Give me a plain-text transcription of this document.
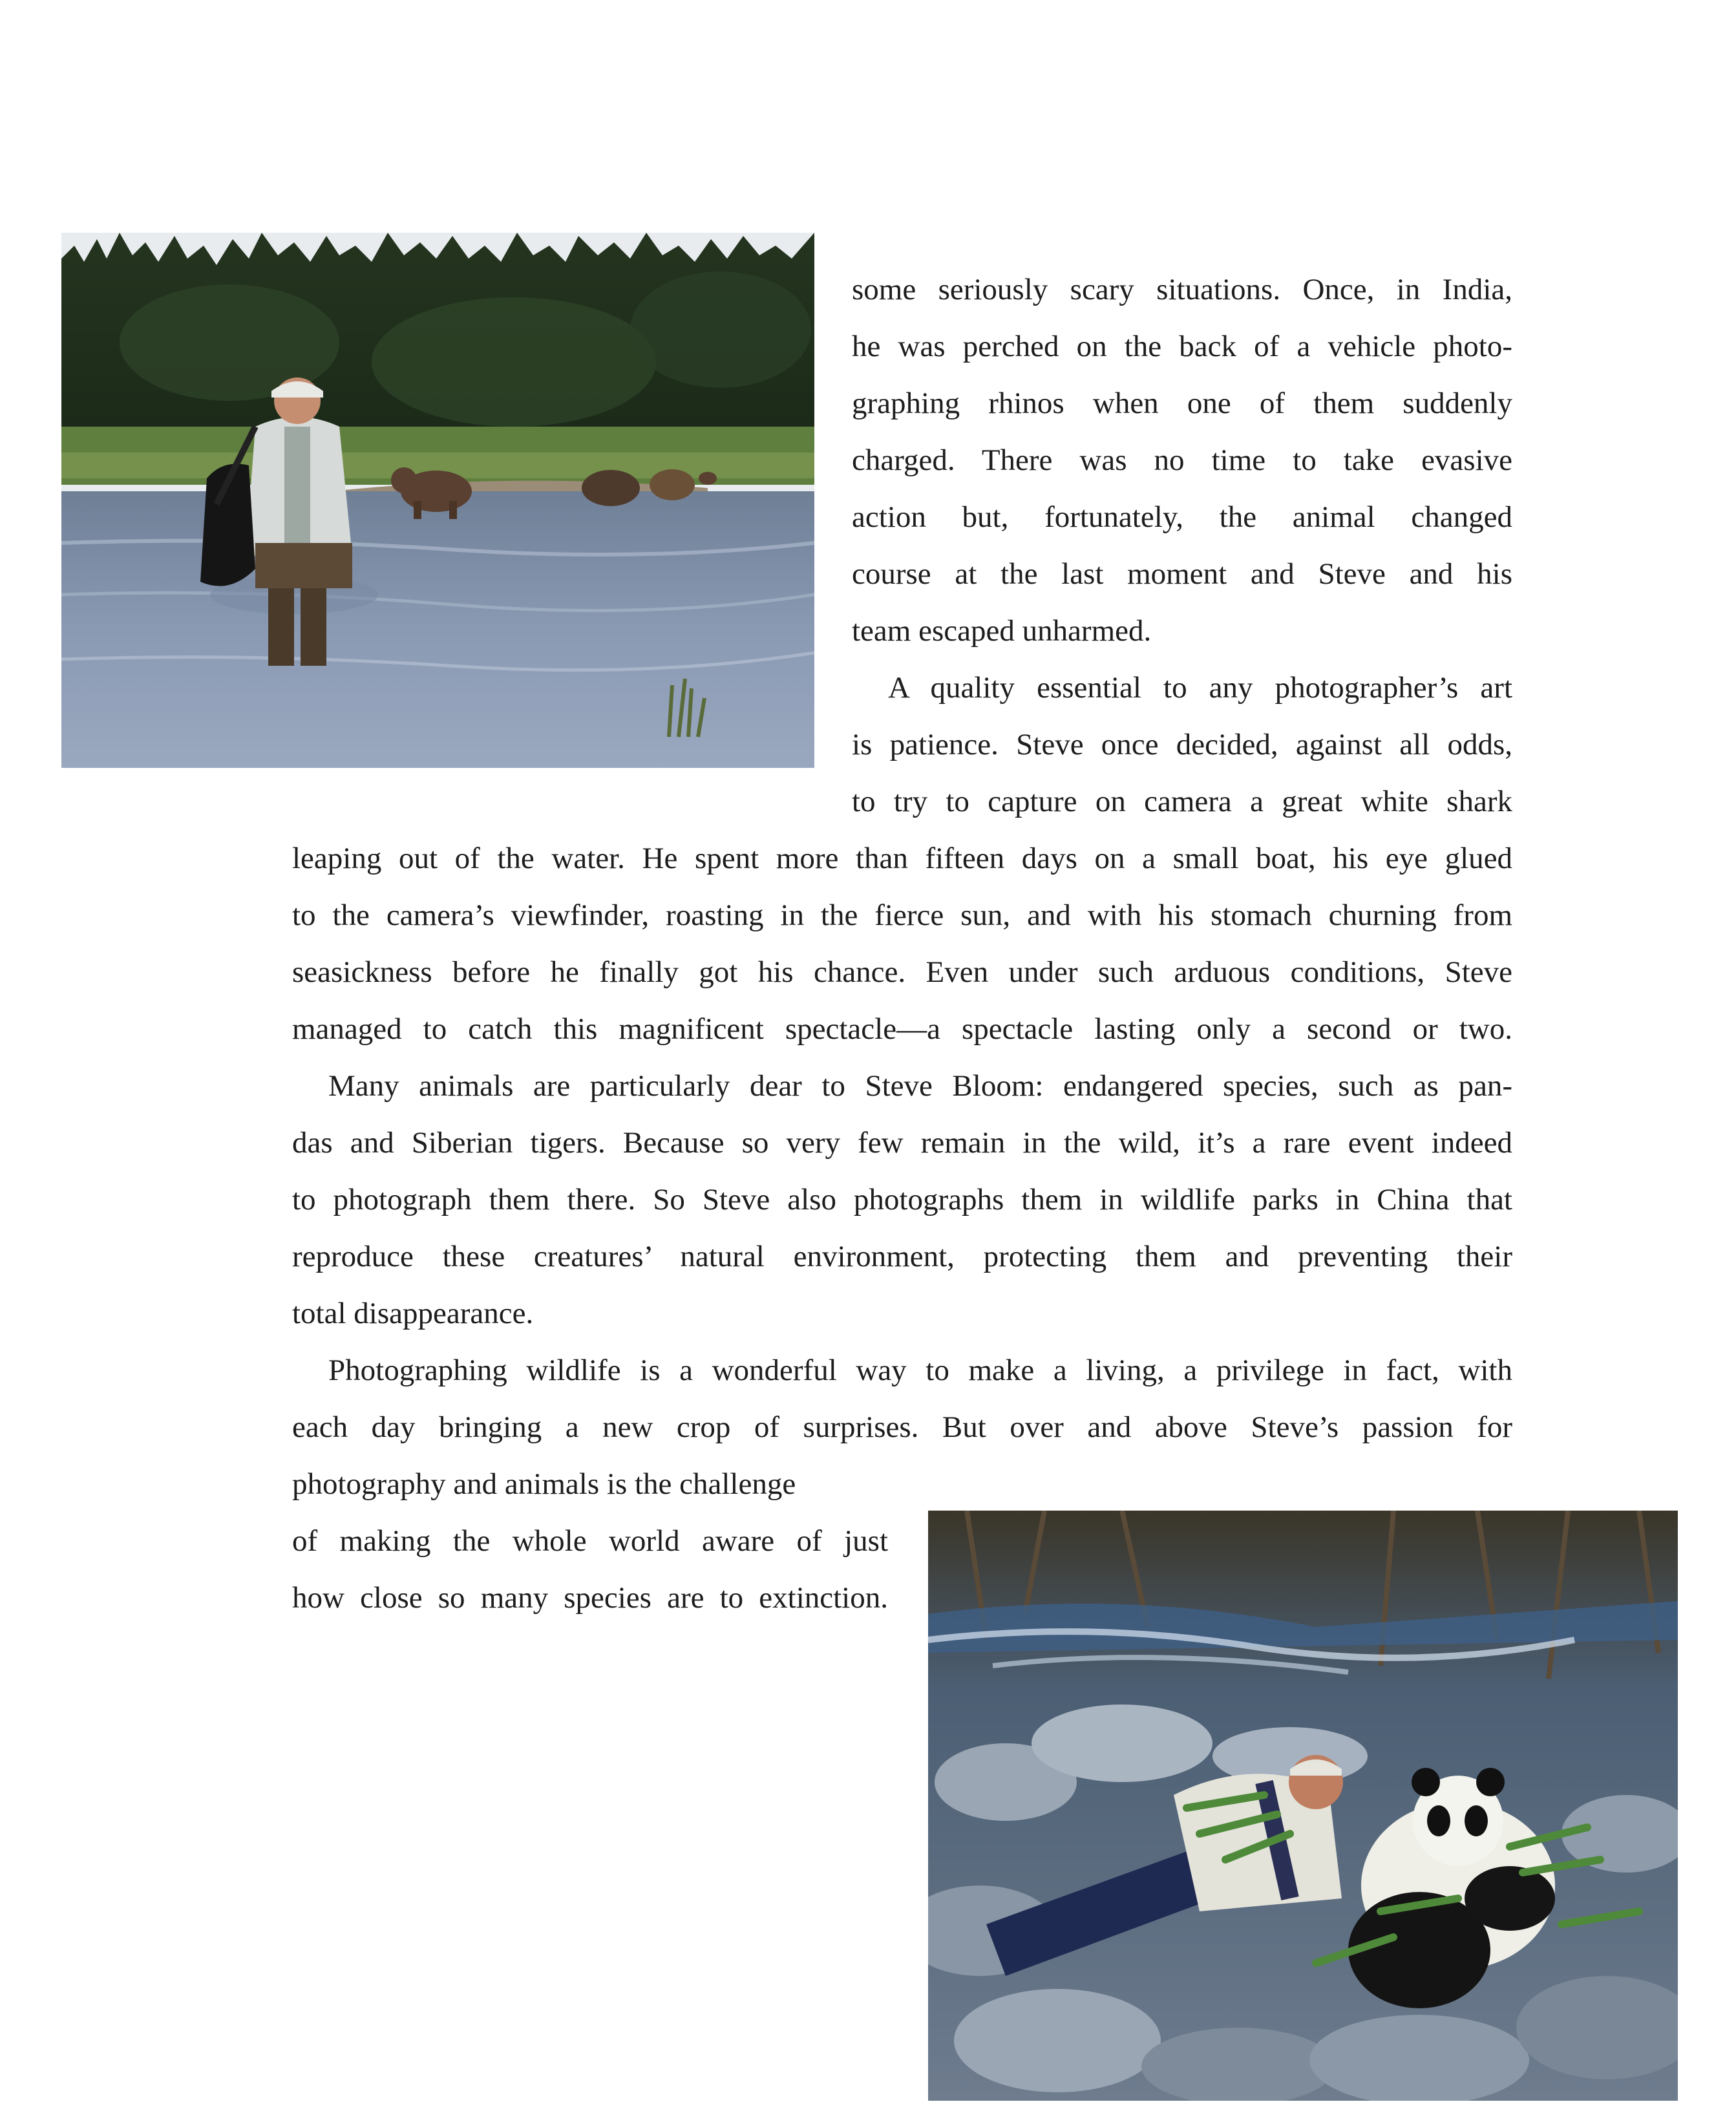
some seriously scary situations. Once, in India,
he was perched on the back of a vehicle photo-
graphing rhinos when one of them suddenly
charged. There was no time to take evasive
action but, fortunately, the animal changed
course at the last moment and Steve and his
team escaped unharmed.
A quality essential to any photographer’s art
is patience. Steve once decided, against all odds,
to try to capture on camera a great white shark
leaping out of the water. He spent more than fifteen days on a small boat, his eye glued
to the camera’s viewfinder, roasting in the fierce sun, and with his stomach churning from
seasickness before he finally got his chance. Even under such arduous conditions, Steve
managed to catch this magnificent spectacle—a spectacle lasting only a second or two.
Many animals are particularly dear to Steve Bloom: endangered species, such as pan-
das and Siberian tigers. Because so very few remain in the wild, it’s a rare event indeed
to photograph them there. So Steve also photographs them in wildlife parks in China that
reproduce these creatures’ natural environment, protecting them and preventing their
total disappearance.
Photographing wildlife is a wonderful way to make a living, a privilege in fact, with
each day bringing a new crop of surprises. But over and above Steve’s passion for
photography and animals is the challenge
of making the whole world aware of just
how close so many species are to extinction.
